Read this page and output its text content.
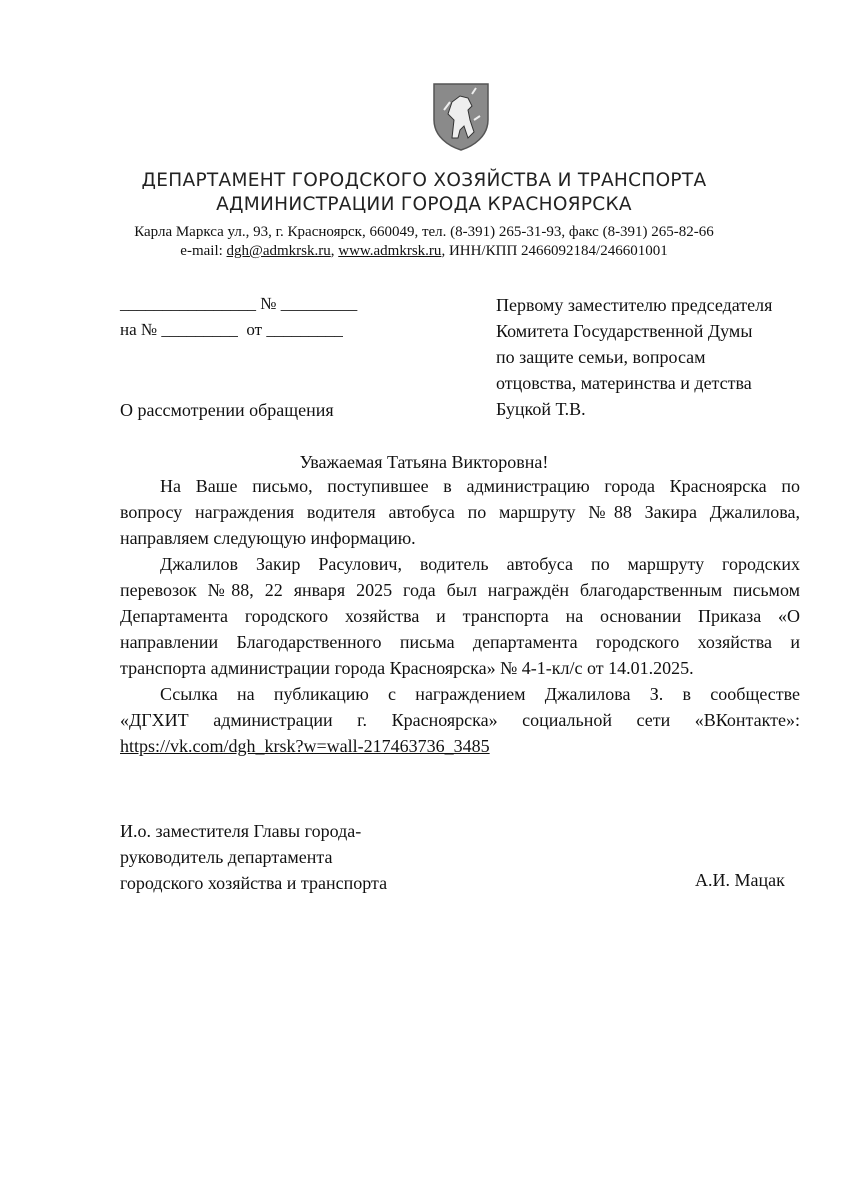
ДЕПАРТАМЕНТ ГОРОДСКОГО ХОЗЯЙСТВА И ТРАНСПОРТА
АДМИНИСТРАЦИИ ГОРОДА КРАСНОЯРСКА
Карла Маркса ул., 93, г. Красноярск, 660049, тел. (8-391) 265-31-93, факс (8-391) 265-82-66
e-mail: dgh@admkrsk.ru, www.admkrsk.ru, ИНН/КПП 2466092184/246601001
________________ № _________
на № _________ от _________
Первому заместителю председателя
Комитета Государственной Думы
по защите семьи, вопросам
отцовства, материнства и детства
Буцкой Т.В.
О рассмотрении обращения
Уважаемая Татьяна Викторовна!
На Ваше письмо, поступившее в администрацию города Красноярска по
вопросу награждения водителя автобуса по маршруту №88 Закира Джалилова,
направляем следующую информацию.
Джалилов Закир Расулович, водитель автобуса по маршруту городских
перевозок №88, 22 января 2025 года был награждён благодарственным письмом
Департамента городского хозяйства и транспорта на основании Приказа «О
направлении Благодарственного письма департамента городского хозяйства и
транспорта администрации города Красноярска» № 4-1-кл/с от 14.01.2025.
Ссылка на публикацию с награждением Джалилова З. в сообществе
«ДГХИТ администрации г. Красноярска» социальной сети «ВКонтакте»:
https://vk.com/dgh_krsk?w=wall-217463736_3485
И.о. заместителя Главы города-
руководитель департамента
городского хозяйства и транспорта	А.И. Мацак
